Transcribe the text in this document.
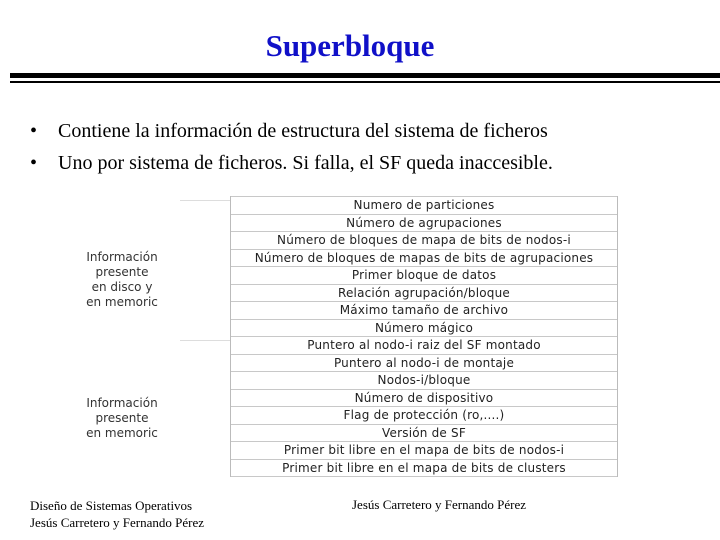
Superbloque
•	Contiene la información de estructura del sistema de ficheros
•	Uno por sistema de ficheros. Si falla, el SF queda inaccesible.
Información
presente
en disco y
en memoric
Información
presente
en memoric
Numero de particiones
Número de agrupaciones
Número de bloques de mapa de bits de nodos-i
Número de bloques de mapas de bits de agrupaciones
Primer bloque de datos
Relación agrupación/bloque
Máximo tamaño de archivo
Número mágico
Puntero al nodo-i raiz del SF montado
Puntero al nodo-i de montaje
Nodos-i/bloque
Número de dispositivo
Flag de protección (ro,....)
Versión de SF
Primer bit libre en el mapa de bits de nodos-i
Primer bit libre en el mapa de bits de clusters
Diseño de Sistemas Operativos
Jesús Carretero y Fernando Pérez
Jesús Carretero y Fernando Pérez
